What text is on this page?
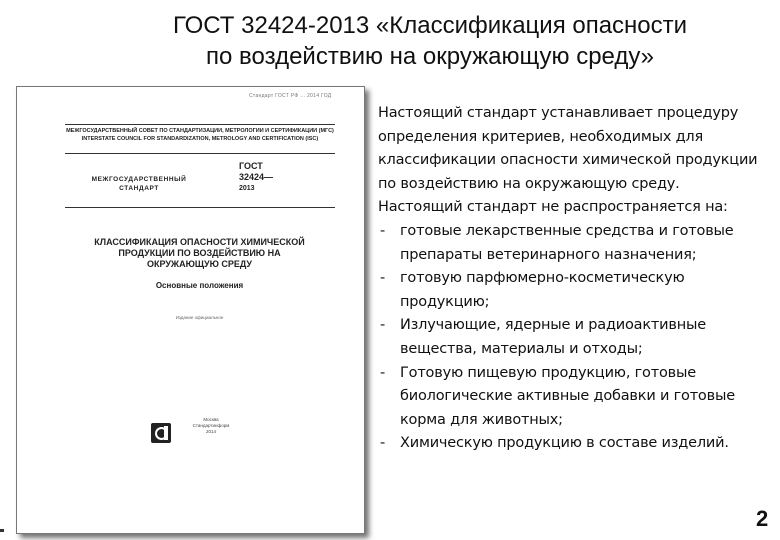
ГОСТ 32424-2013 «Классификация опасности
по воздействию на окружающую среду»
Стандарт ГОСТ РФ ... 2014 ГОД
МЕЖГОСУДАРСТВЕННЫЙ СОВЕТ ПО СТАНДАРТИЗАЦИИ, МЕТРОЛОГИИ И СЕРТИФИКАЦИИ (МГС)
INTERSTATE COUNCIL FOR STANDARDIZATION, METROLOGY AND CERTIFICATION (ISC)
МЕЖГОСУДАРСТВЕННЫЙ
СТАНДАРТ
ГОСТ
32424—
2013
КЛАССИФИКАЦИЯ ОПАСНОСТИ ХИМИЧЕСКОЙ
ПРОДУКЦИИ ПО ВОЗДЕЙСТВИЮ НА
ОКРУЖАЮЩУЮ СРЕДУ
Основные положения
Издание официальное
Москва
Стандартинформ
2014

Настоящий стандарт устанавливает процедуру определения критериев, необходимых для классификации опасности химической продукции по воздействию на окружающую среду.

Настоящий стандарт не распространяется на:

- готовые лекарственные средства и готовые препараты ветеринарного назначения;
- готовую парфюмерно-косметическую продукцию;
- Излучающие, ядерные и радиоактивные вещества, материалы и отходы;
- Готовую пищевую продукцию, готовые биологические активные добавки и готовые корма для животных;
- Химическую продукцию в составе изделий.
2
